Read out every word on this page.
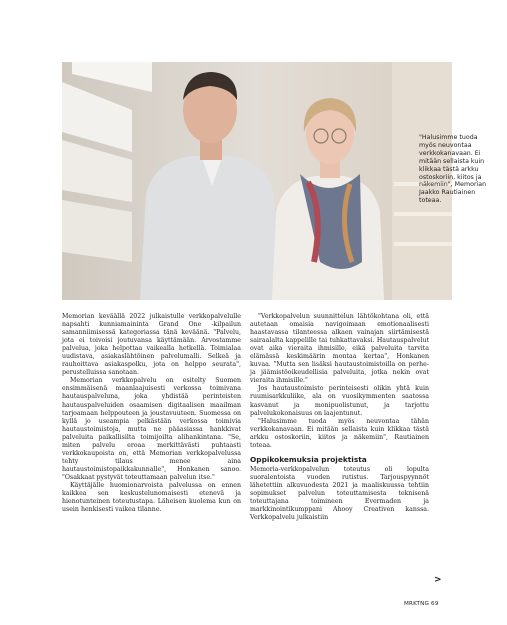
"Halusimme tuoda
myös neuvontaa
verkkokanavaan. Ei
mitään sellaista kuin
klikkaa tästä arkku
ostoskoriin, kiitos ja
näkemiin", Memorian
Jaakko Rautiainen
toteaa.

Memorian keväällä 2022 julkaistulle verkkopalvelulle napsahti kunniamaininta Grand One -kilpailun samanniimisessä kategoriassa tänä keväänä. "Palvelu, jota ei toivoisi joutuvansa käyttämään. Arvostamme palvelua, joka helpottaa vaikealla hetkellä. Toimialaa uudistava, asiakaslähtöinen palvelumalli. Selkeä ja rauhoittava asiakaspolku, jota on helppo seurata", perustelluissa sanotaan.

Memorian verkkopalvelu on esitelty Suomen ensimmäisenä maanlaajuisesti verkossa toimivana hautauspalveluna, joka yhdistää perinteisten hautauspalveluiden osaamisen digitaalisen maailman tarjoamaan helppouteen ja joustavuuteen. Suomessa on kyllä jo useampia pelkästään verkossa toimivia hautaustoimistoja, mutta ne pääasiassa hankkivat palveluita paikallisilta toimijoilta alihankintana. "Se, miten palvelu eroaa merkittävästi puhtaasti verkkokaupoista on, että Memorian verkkopalvelussa tehty tilaus menee aina hautaustoimistopaikkakunnalle", Honkanen sanoo. "Osakkaat pystyvät toteuttamaan palvelun itse."

Käyttäjälle huomionarvoista palvelussa on ennen kaikkea sen keskustelunomaisesti etenevä ja hienotunteinen toteutustapa. Läheisen kuolema kun on usein henkisesti vaikea tilanne.

"Verkkopalvelun suunnittelun lähtökohtana oli, että autetaan omaisia navigoimaan emotionaalisesti haastavassa tilanteessa alkaen vainajan siirtämisestä sairaalalta kappelille tai tuhkattavaksi. Hautauspalvelut ovat aika vieraita ihmisille, eikä palveluita tarvita elämässä keskimäärin montaa kertaa", Honkanen kuvaa. "Mutta sen lisäksi hautaustoimistoilla on perhe- ja jäämistöoikeudellisia palveluita, jotka nekin ovat vieraita ihmisille."

Jos hautaustoimisto perinteisesti olikin yhtä kuin ruumisarkkuliike, ala on vuosikymmenten saatossa kasvanut ja monipuolistunut, ja tarjottu palvelukokonaisuus on laajentunut.

"Halusimme tuoda myös neuvontaa tähän verkkokanavaan. Ei mitään sellaista kuin klikkaa tästä arkku ostoskoriin, kiitos ja näkemiin", Rautiainen toteaa.

Oppikokemuksia projektista

Memoria-verkkopalvelun toteutus oli lopulta suoralentoista vuoden rutistus. Tarjouspyynnöt lähetettiin alkuvuodesta 2021 ja maaliskuussa tehtiin sopimukset palvelun toteuttamisesta teknisenä toteuttajana toimineen Evermaden ja markkinointikumppani Ahooy Creativen kanssa. Verkkopalvelu julkaistiin

>
MRKTNG 69
